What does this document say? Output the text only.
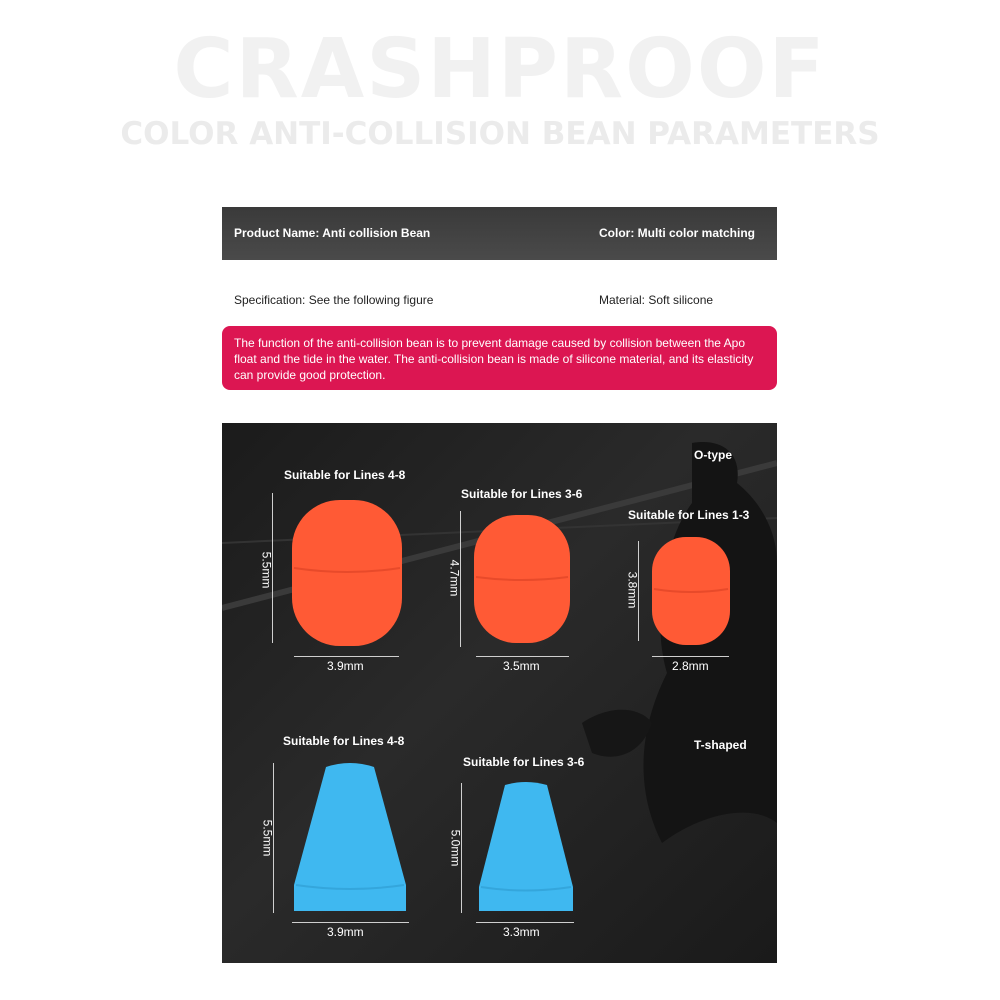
CRASHPROOF
COLOR ANTI-COLLISION BEAN PARAMETERS
Product Name: Anti collision Bean	Color: Multi color matching
Specification: See the following figure	Material: Soft silicone
The function of the anti-collision bean is to prevent damage caused by collision between the Apo float and the tide in the water. The anti-collision bean is made of silicone material, and its elasticity can provide good protection.
O-type
T-shaped
Suitable for Lines 4-8
5.5mm
3.9mm
Suitable for Lines 3-6
4.7mm
3.5mm
Suitable for Lines 1-3
3.8mm
2.8mm
Suitable for Lines 4-8
5.5mm
3.9mm
Suitable for Lines 3-6
5.0mm
3.3mm
